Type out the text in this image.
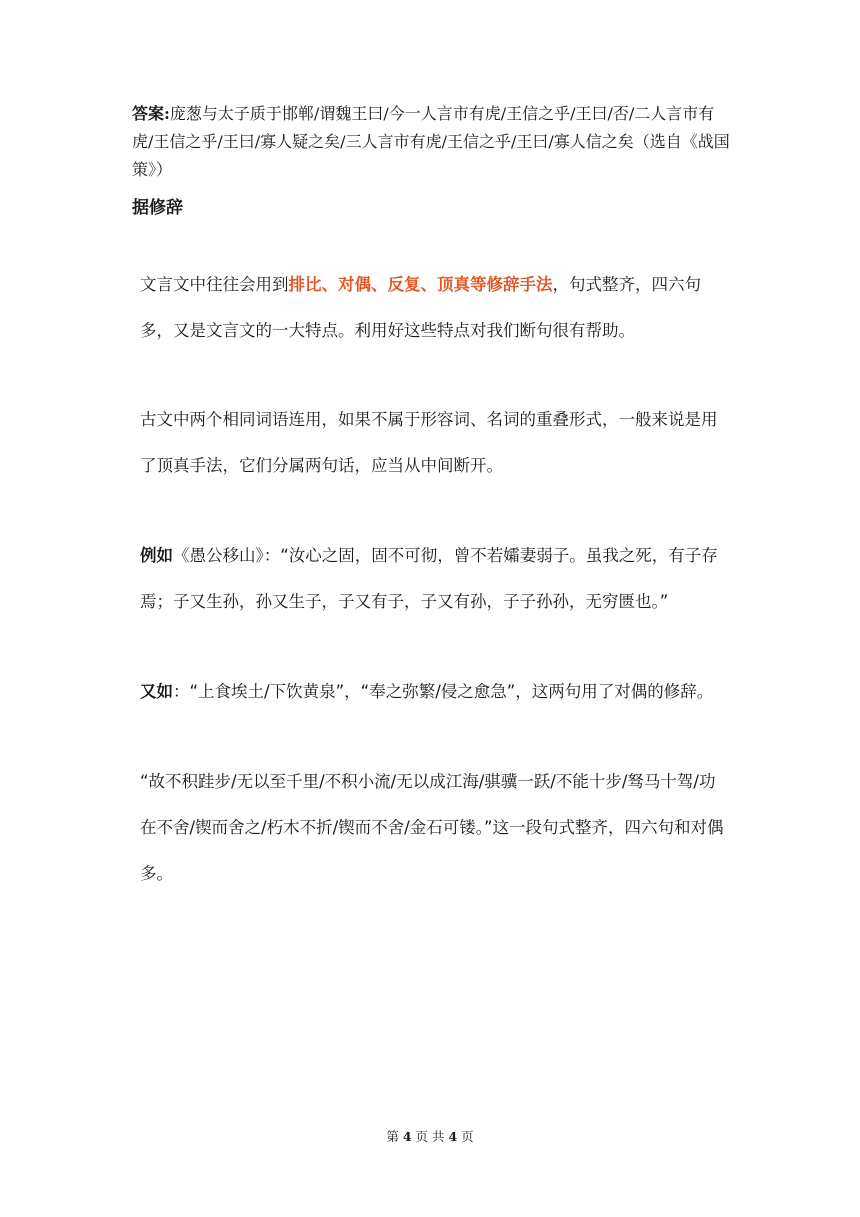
答案:庞葱与太子质于邯郸/谓魏王曰/今一人言市有虎/王信之乎/王曰/否/二人言市有虎/王信之乎/王曰/寡人疑之矣/三人言市有虎/王信之乎/王曰/寡人信之矣（选自《战国策》）

据修辞

文言文中往往会用到排比、对偶、反复、顶真等修辞手法，句式整齐，四六句多，又是文言文的一大特点。利用好这些特点对我们断句很有帮助。

古文中两个相同词语连用，如果不属于形容词、名词的重叠形式，一般来说是用了顶真手法，它们分属两句话，应当从中间断开。

例如《愚公移山》：“汝心之固，固不可彻，曾不若孀妻弱子。虽我之死，有子存焉；子又生孙，孙又生子，子又有子，子又有孙，子子孙孙，无穷匮也。”

又如：“上食埃土/下饮黄泉”，“奉之弥繁/侵之愈急”，这两句用了对偶的修辞。

“故不积跬步/无以至千里/不积小流/无以成江海/骐骥一跃/不能十步/驽马十驾/功在不舍/锲而舍之/朽木不折/锲而不舍/金石可镂。”这一段句式整齐，四六句和对偶多。

第 4 页 共 4 页
